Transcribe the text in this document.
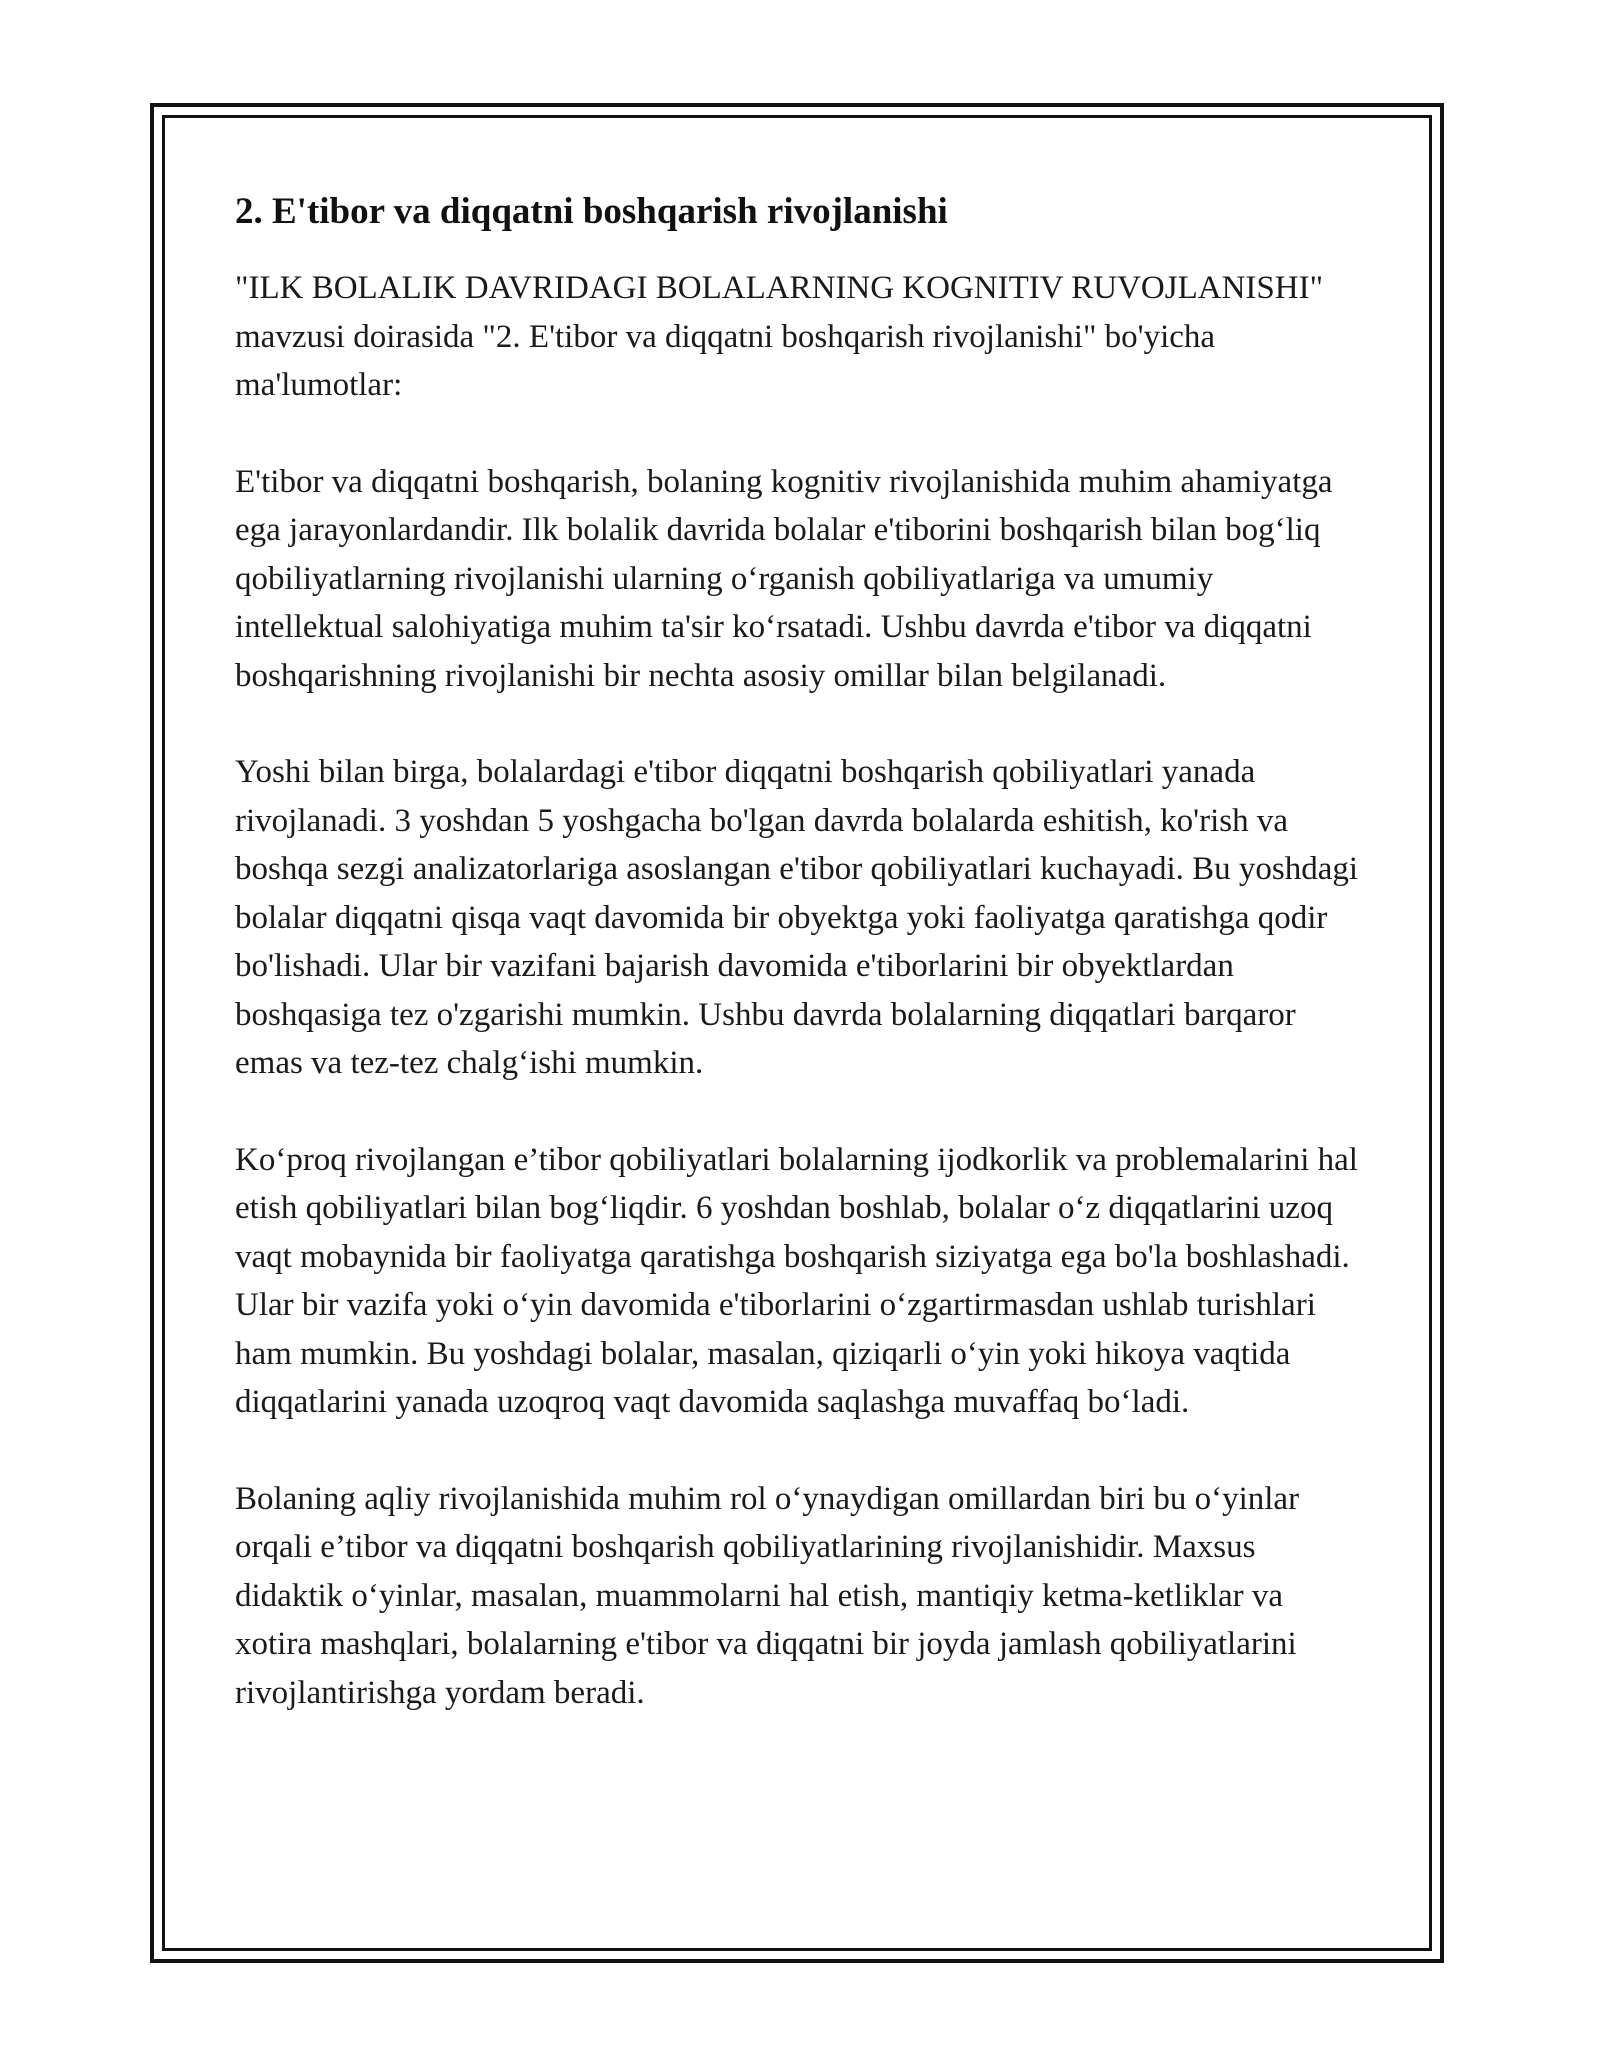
2. E'tibor va diqqatni boshqarish rivojlanishi

"ILK BOLALIK DAVRIDAGI BOLALARNING KOGNITIV RUVOJLANISHI" mavzusi doirasida "2. E'tibor va diqqatni boshqarish rivojlanishi" bo'yicha ma'lumotlar:

E'tibor va diqqatni boshqarish, bolaning kognitiv rivojlanishida muhim ahamiyatga ega jarayonlardandir. Ilk bolalik davrida bolalar e'tiborini boshqarish bilan bog‘liq qobiliyatlarning rivojlanishi ularning o‘rganish qobiliyatlariga va umumiy intellektual salohiyatiga muhim ta'sir ko‘rsatadi. Ushbu davrda e'tibor va diqqatni boshqarishning rivojlanishi bir nechta asosiy omillar bilan belgilanadi.

Yoshi bilan birga, bolalardagi e'tibor diqqatni boshqarish qobiliyatlari yanada rivojlanadi. 3 yoshdan 5 yoshgacha bo'lgan davrda bolalarda eshitish, ko'rish va boshqa sezgi analizatorlariga asoslangan e'tibor qobiliyatlari kuchayadi. Bu yoshdagi bolalar diqqatni qisqa vaqt davomida bir obyektga yoki faoliyatga qaratishga qodir bo'lishadi. Ular bir vazifani bajarish davomida e'tiborlarini bir obyektlardan boshqasiga tez o'zgarishi mumkin. Ushbu davrda bolalarning diqqatlari barqaror emas va tez-tez chalg‘ishi mumkin.

Ko‘proq rivojlangan e’tibor qobiliyatlari bolalarning ijodkorlik va problemalarini hal etish qobiliyatlari bilan bog‘liqdir. 6 yoshdan boshlab, bolalar o‘z diqqatlarini uzoq vaqt mobaynida bir faoliyatga qaratishga boshqarish siziyatga ega bo'la boshlashadi. Ular bir vazifa yoki o‘yin davomida e'tiborlarini o‘zgartirmasdan ushlab turishlari ham mumkin. Bu yoshdagi bolalar, masalan, qiziqarli o‘yin yoki hikoya vaqtida diqqatlarini yanada uzoqroq vaqt davomida saqlashga muvaffaq bo‘ladi.

Bolaning aqliy rivojlanishida muhim rol o‘ynaydigan omillardan biri bu o‘yinlar orqali e’tibor va diqqatni boshqarish qobiliyatlarining rivojlanishidir. Maxsus didaktik o‘yinlar, masalan, muammolarni hal etish, mantiqiy ketma-ketliklar va xotira mashqlari, bolalarning e'tibor va diqqatni bir joyda jamlash qobiliyatlarini rivojlantirishga yordam beradi.
